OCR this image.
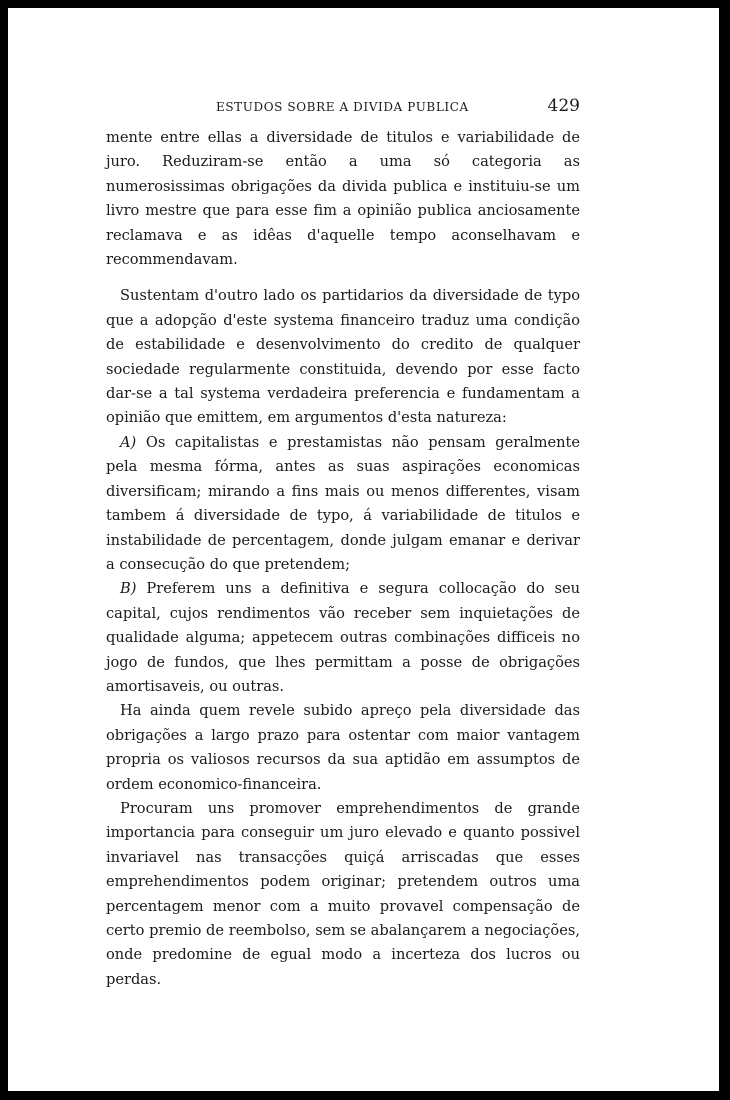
ESTUDOS SOBRE A DIVIDA PUBLICA	429

mente entre ellas a diversidade de titulos e variabilidade de juro. Reduziram-se então a uma só categoria as numerosissimas obrigações da divida publica e instituiu-se um livro mestre que para esse fim a opinião publica anciosamente reclamava e as idêas d'aquelle tempo aconselhavam e recommendavam.

Sustentam d'outro lado os partidarios da diversidade de typo que a adopção d'este systema financeiro traduz uma condição de estabilidade e desenvolvimento do credito de qualquer sociedade regularmente constituida, devendo por esse facto dar-se a tal systema verdadeira preferencia e fundamentam a opinião que emittem, em argumentos d'esta natureza:

A) Os capitalistas e prestamistas não pensam geralmente pela mesma fórma, antes as suas aspirações economicas diversificam; mirando a fins mais ou menos differentes, visam tambem á diversidade de typo, á variabilidade de titulos e instabilidade de percentagem, donde julgam emanar e derivar a consecução do que pretendem;

B) Preferem uns a definitiva e segura collocação do seu capital, cujos rendimentos vão receber sem inquietações de qualidade alguma; appetecem outras combinações difficeis no jogo de fundos, que lhes permittam a posse de obrigações amortisaveis, ou outras.

Ha ainda quem revele subido apreço pela diversidade das obrigações a largo prazo para ostentar com maior vantagem propria os valiosos recursos da sua aptidão em assumptos de ordem economico-financeira.

Procuram uns promover emprehendimentos de grande importancia para conseguir um juro elevado e quanto possivel invariavel nas transacções quiçá arriscadas que esses emprehendimentos podem originar; pretendem outros uma percentagem menor com a muito provavel compensação de certo premio de reembolso, sem se abalançarem a negociações, onde predomine de egual modo a incerteza dos lucros ou perdas.
